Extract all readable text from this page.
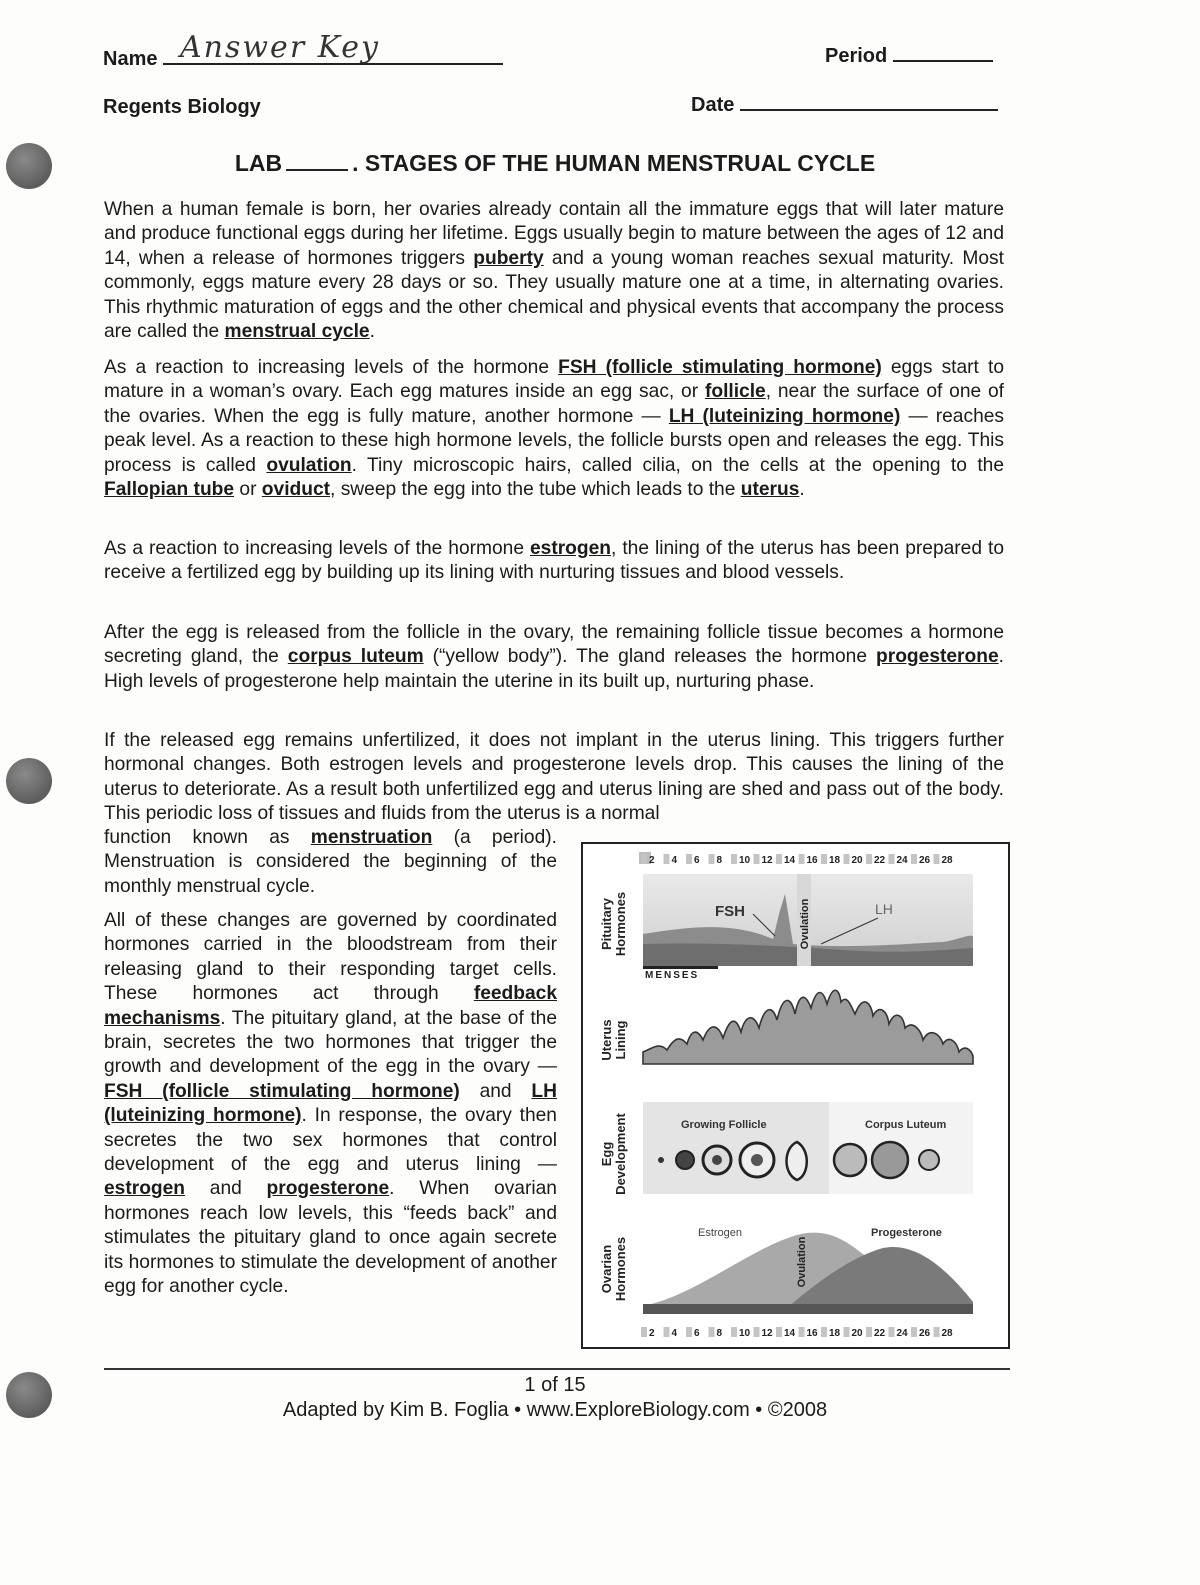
Name Answer Key	Period
Regents Biology	Date
LAB	. STAGES OF THE HUMAN MENSTRUAL CYCLE

When a human female is born, her ovaries already contain all the immature eggs that will later mature and produce functional eggs during her lifetime. Eggs usually begin to mature between the ages of 12 and 14, when a release of hormones triggers puberty and a young woman reaches sexual maturity. Most commonly, eggs mature every 28 days or so. They usually mature one at a time, in alternating ovaries. This rhythmic maturation of eggs and the other chemical and physical events that accompany the process are called the menstrual cycle.

As a reaction to increasing levels of the hormone FSH (follicle stimulating hormone) eggs start to mature in a woman’s ovary. Each egg matures inside an egg sac, or follicle, near the surface of one of the ovaries. When the egg is fully mature, another hormone — LH (luteinizing hormone) — reaches peak level. As a reaction to these high hormone levels, the follicle bursts open and releases the egg. This process is called ovulation. Tiny microscopic hairs, called cilia, on the cells at the opening to the Fallopian tube or oviduct, sweep the egg into the tube which leads to the uterus.

As a reaction to increasing levels of the hormone estrogen, the lining of the uterus has been prepared to receive a fertilized egg by building up its lining with nurturing tissues and blood vessels.

After the egg is released from the follicle in the ovary, the remaining follicle tissue becomes a hormone secreting gland, the corpus luteum (“yellow body”). The gland releases the hormone progesterone. High levels of progesterone help maintain the uterine in its built up, nurturing phase.

If the released egg remains unfertilized, it does not implant in the uterus lining. This triggers further hormonal changes. Both estrogen levels and progesterone levels drop. This causes the lining of the uterus to deteriorate. As a result both unfertilized egg and uterus lining are shed and pass out of the body. This periodic loss of tissues and fluids from the uterus is a normal

function known as menstruation (a period). Menstruation is considered the beginning of the monthly menstrual cycle.

All of these changes are governed by coordinated hormones carried in the bloodstream from their releasing gland to their responding target cells. These hormones act through feedback mechanisms. The pituitary gland, at the base of the brain, secretes the two hormones that trigger the growth and development of the egg in the ovary — FSH (follicle stimulating hormone) and LH (luteinizing hormone). In response, the ovary then secretes the two sex hormones that control development of the egg and uterus lining — estrogen and progesterone. When ovarian hormones reach low levels, this “feeds back” and stimulates the pituitary gland to once again secrete its hormones to stimulate the development of another egg for another cycle.

2 4 6 8 10 12 14 16 18 20 22 24 26 28
Pituitary Hormones
Uterus Lining
Egg Development
Ovarian Hormones
Ovulation
FSH	LH
MENSES
Growing Follicle	Corpus Luteum
Estrogen	Progesterone
Ovulation
2 4 6 8 10 12 14 16 18 20 22 24 26 28
1 of 15
Adapted by Kim B. Foglia • www.ExploreBiology.com • ©2008
